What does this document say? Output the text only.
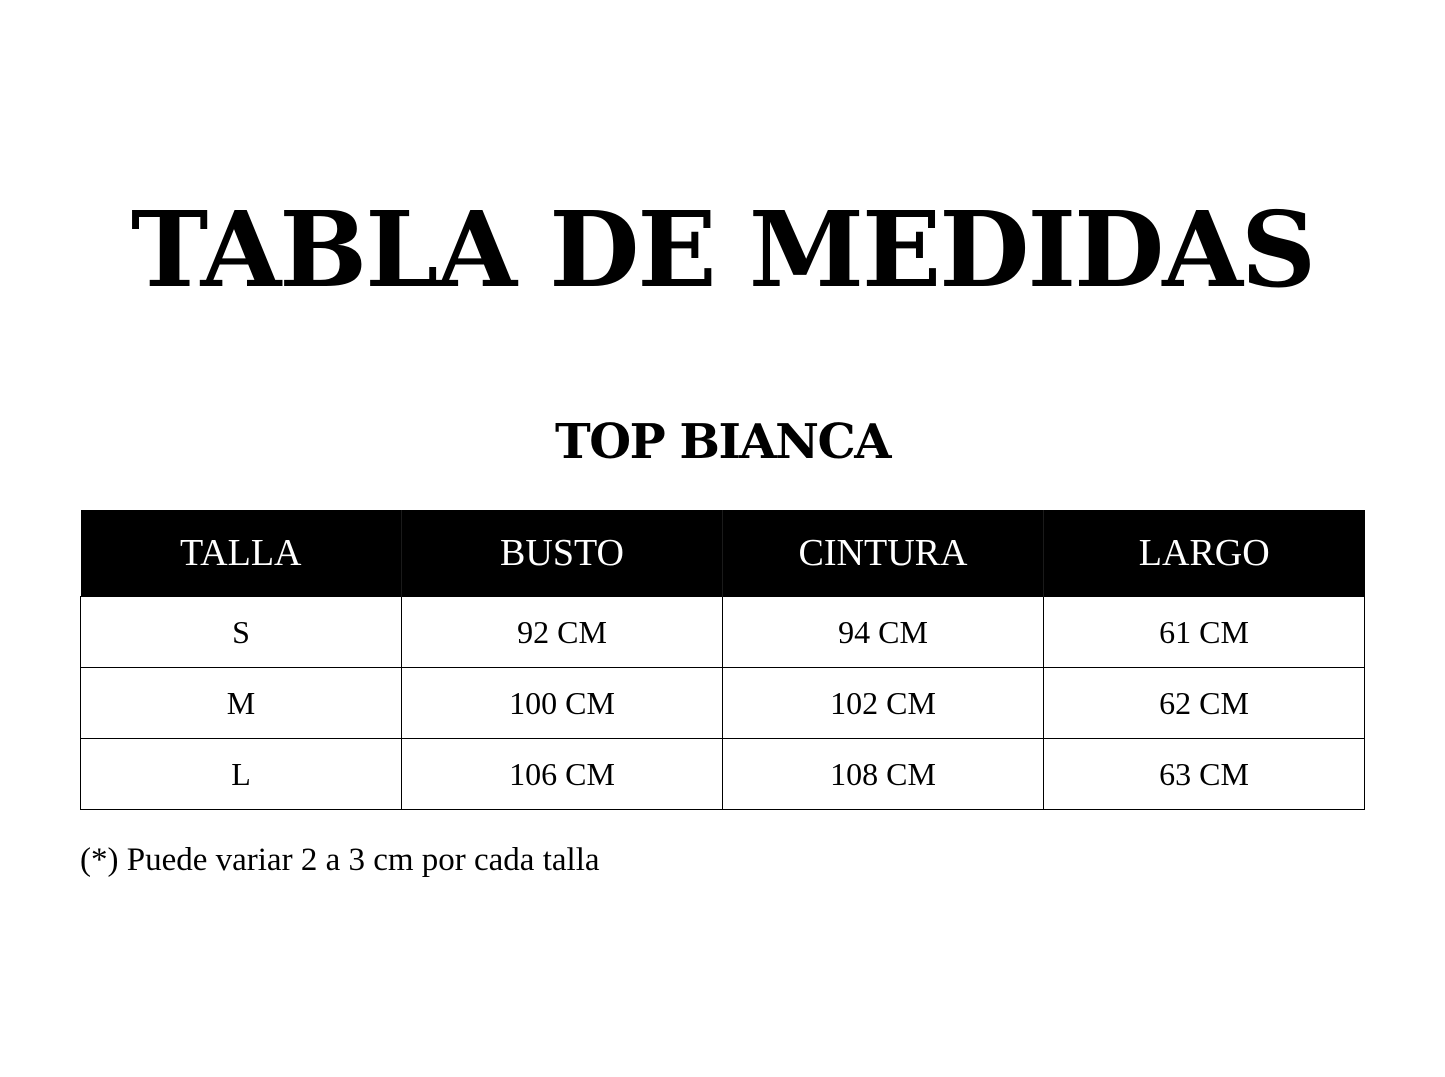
TABLA DE MEDIDAS
TOP BIANCA
TALLA	BUSTO	CINTURA	LARGO
S	92 CM	94 CM	61 CM
M	100 CM	102 CM	62 CM
L	106 CM	108 CM	63 CM
(*) Puede variar 2 a 3 cm por cada talla
